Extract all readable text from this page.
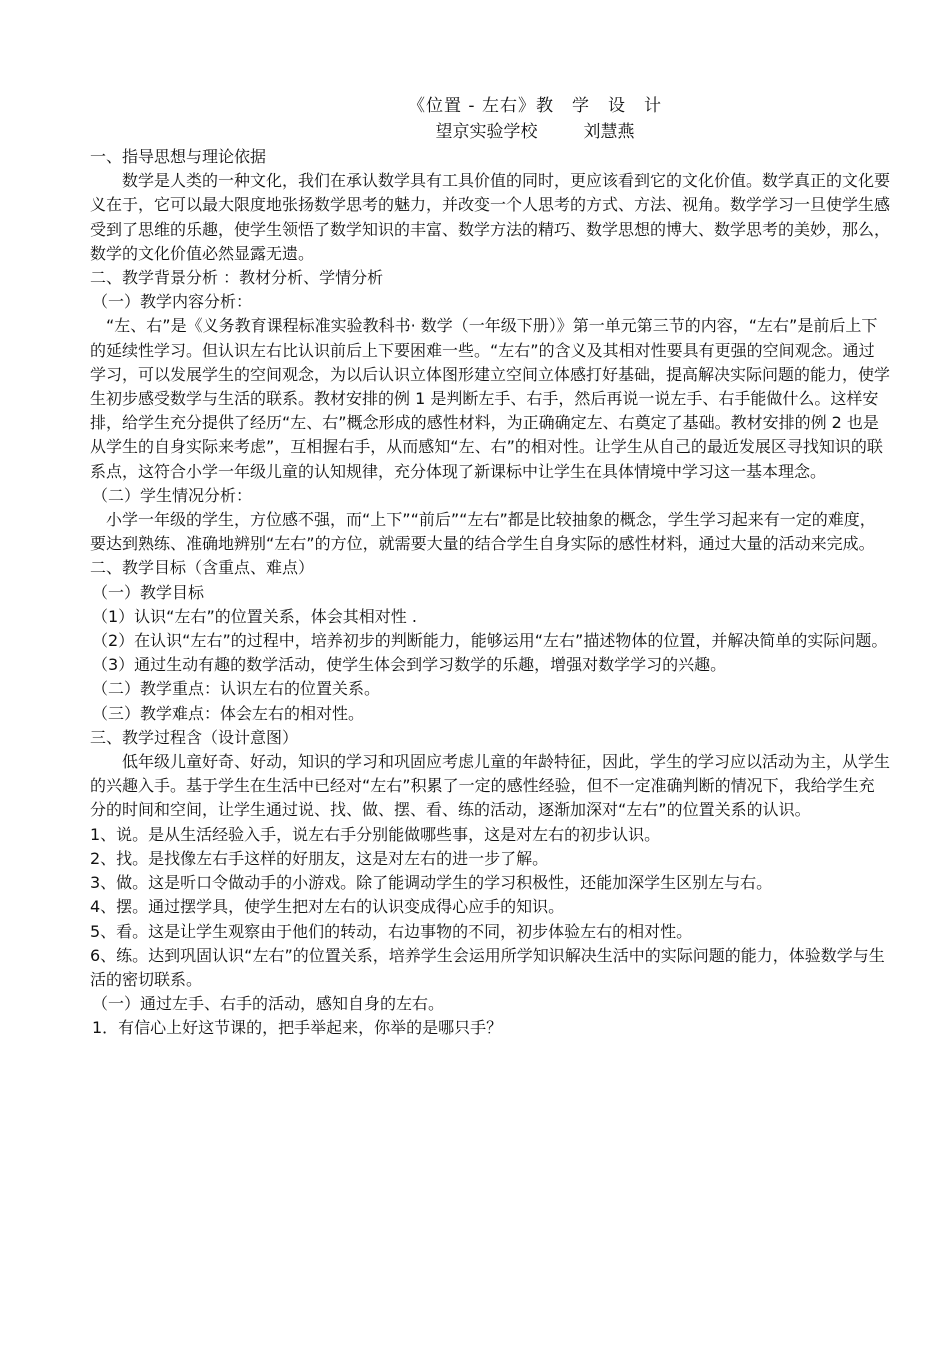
《位置 - 左右》教　学　设　计
望京实验学校	刘慧燕

一、指导思想与理论依据

数学是人类的一种文化，我们在承认数学具有工具价值的同时，更应该看到它的文化价值。数学真正的文化要义在于，它可以最大限度地张扬数学思考的魅力，并改变一个人思考的方式、方法、视角。数学学习一旦使学生感受到了思维的乐趣，使学生领悟了数学知识的丰富、数学方法的精巧、数学思想的博大、数学思考的美妙，那么，数学的文化价值必然显露无遗。

二、教学背景分析 ：教材分析、学情分析

（一）教学内容分析：

“左、右”是《义务教育课程标准实验教科书· 数学（一年级下册）》第一单元第三节的内容，“左右”是前后上下的延续性学习。但认识左右比认识前后上下要困难一些。“左右”的含义及其相对性要具有更强的空间观念。通过学习，可以发展学生的空间观念，为以后认识立体图形建立空间立体感打好基础，提高解决实际问题的能力，使学生初步感受数学与生活的联系。教材安排的例 1 是判断左手、右手，然后再说一说左手、右手能做什么。这样安排，给学生充分提供了经历“左、右”概念形成的感性材料，为正确确定左、右奠定了基础。教材安排的例 2 也是从学生的自身实际来考虑”，互相握右手，从而感知“左、右”的相对性。让学生从自己的最近发展区寻找知识的联系点，这符合小学一年级儿童的认知规律，充分体现了新课标中让学生在具体情境中学习这一基本理念。

（二）学生情况分析：

小学一年级的学生，方位感不强，而“上下”“前后”“左右”都是比较抽象的概念，学生学习起来有一定的难度，要达到熟练、准确地辨别“左右”的方位，就需要大量的结合学生自身实际的感性材料，通过大量的活动来完成。

二、教学目标（含重点、难点）

（一）教学目标

（1）认识“左右”的位置关系，体会其相对性 .

（2）在认识“左右”的过程中，培养初步的判断能力，能够运用“左右”描述物体的位置，并解决简单的实际问题。

（3）通过生动有趣的数学活动，使学生体会到学习数学的乐趣，增强对数学学习的兴趣。

（二）教学重点：认识左右的位置关系。

（三）教学难点：体会左右的相对性。

三、教学过程含（设计意图）

低年级儿童好奇、好动，知识的学习和巩固应考虑儿童的年龄特征，因此，学生的学习应以活动为主，从学生的兴趣入手。基于学生在生活中已经对“左右”积累了一定的感性经验，但不一定准确判断的情况下，我给学生充分的时间和空间，让学生通过说、找、做、摆、看、练的活动，逐渐加深对“左右”的位置关系的认识。

1、说。是从生活经验入手，说左右手分别能做哪些事，这是对左右的初步认识。

2、找。是找像左右手这样的好朋友，这是对左右的进一步了解。

3、做。这是听口令做动手的小游戏。除了能调动学生的学习积极性，还能加深学生区别左与右。

4、摆。通过摆学具，使学生把对左右的认识变成得心应手的知识。

5、看。这是让学生观察由于他们的转动，右边事物的不同，初步体验左右的相对性。

6、练。达到巩固认识“左右”的位置关系，培养学生会运用所学知识解决生活中的实际问题的能力，体验数学与生活的密切联系。

（一）通过左手、右手的活动，感知自身的左右。

1．有信心上好这节课的，把手举起来，你举的是哪只手？
